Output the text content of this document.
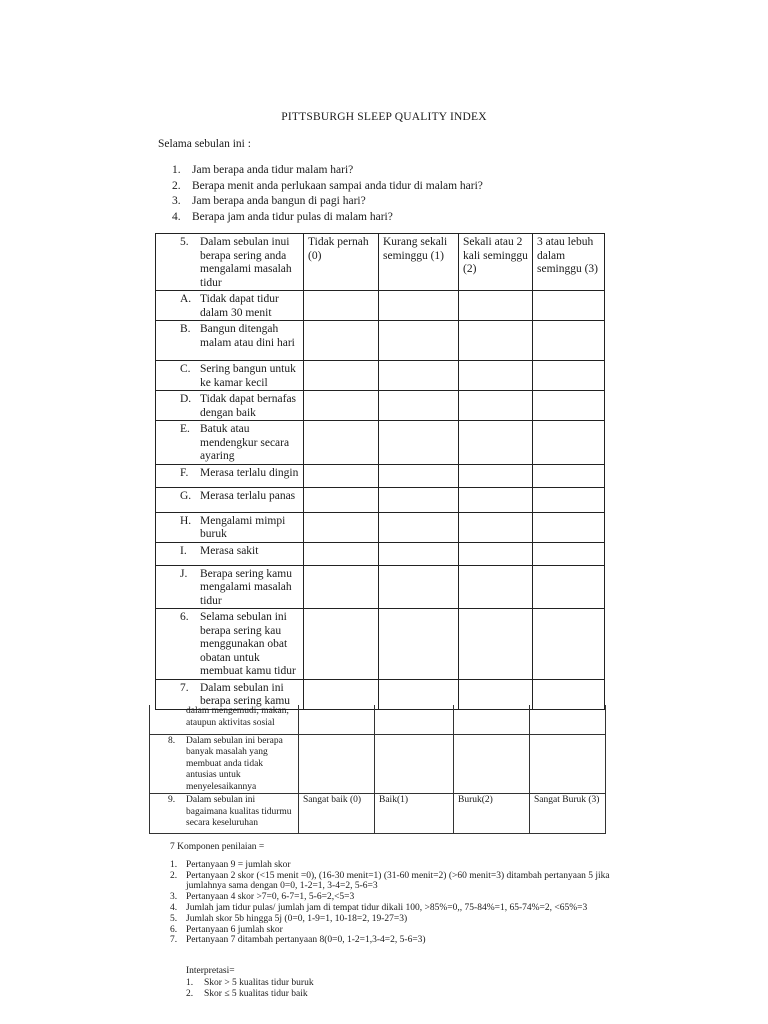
PITTSBURGH SLEEP QUALITY INDEX
Selama sebulan ini :
1. Jam berapa anda tidur malam hari?
2. Berapa menit anda perlukaan sampai anda tidur di malam hari?
3. Jam berapa anda bangun di pagi hari?
4. Berapa jam anda tidur pulas di malam hari?
5. Dalam sebulan inui berapa sering anda mengalami masalah tidur	Tidak pernah (0)	Kurang sekali seminggu (1)	Sekali atau 2 kali seminggu (2)	3 atau lebuh dalam seminggu (3)

A. Tidak dapat tidur dalam 30 menit				

B. Bangun ditengah malam atau dini hari				

C. Sering bangun untuk ke kamar kecil				

D. Tidak dapat bernafas dengan baik				

E. Batuk atau mendengkur secara ayaring				

F. Merasa terlalu dingin				

G. Merasa terlalu panas				

H. Mengalami mimpi buruk				

I. Merasa sakit				

J. Berapa sering kamu mengalami masalah tidur				

6. Selama sebulan ini berapa sering kau menggunakan obat obatan untuk membuat kamu tidur				

7. Dalam sebulan ini berapa sering kamu				

dalam mengemudi, makan, ataupun aktivitas sosial				

8. Dalam sebulan ini berapa banyak masalah yang membuat anda tidak antusias untuk menyelesaikannya				

9. Dalam sebulan ini bagaimana kualitas tidurmu secara keseluruhan	Sangat baik (0)	Baik(1)	Buruk(2)	Sangat Buruk (3)
7 Komponen penilaian =
1. Pertanyaan 9 = jumlah skor
2. Pertanyaan 2 skor (<15 menit =0), (16-30 menit=1) (31-60 menit=2) (>60 menit=3) ditambah pertanyaan 5 jika jumlahnya sama dengan 0=0, 1-2=1, 3-4=2, 5-6=3
3. Pertanyaan 4 skor >7=0, 6-7=1, 5-6=2,<5=3
4. Jumlah jam tidur pulas/ jumlah jam di tempat tidur dikali 100, >85%=0,, 75-84%=1, 65-74%=2, <65%=3
5. Jumlah skor 5b hingga 5j (0=0, 1-9=1, 10-18=2, 19-27=3)
6. Pertanyaan 6 jumlah skor
7. Pertanyaan 7 ditambah pertanyaan 8(0=0, 1-2=1,3-4=2, 5-6=3)
Interpretasi=
1.	Skor > 5 kualitas tidur buruk
2.	Skor ≤ 5 kualitas tidur baik
